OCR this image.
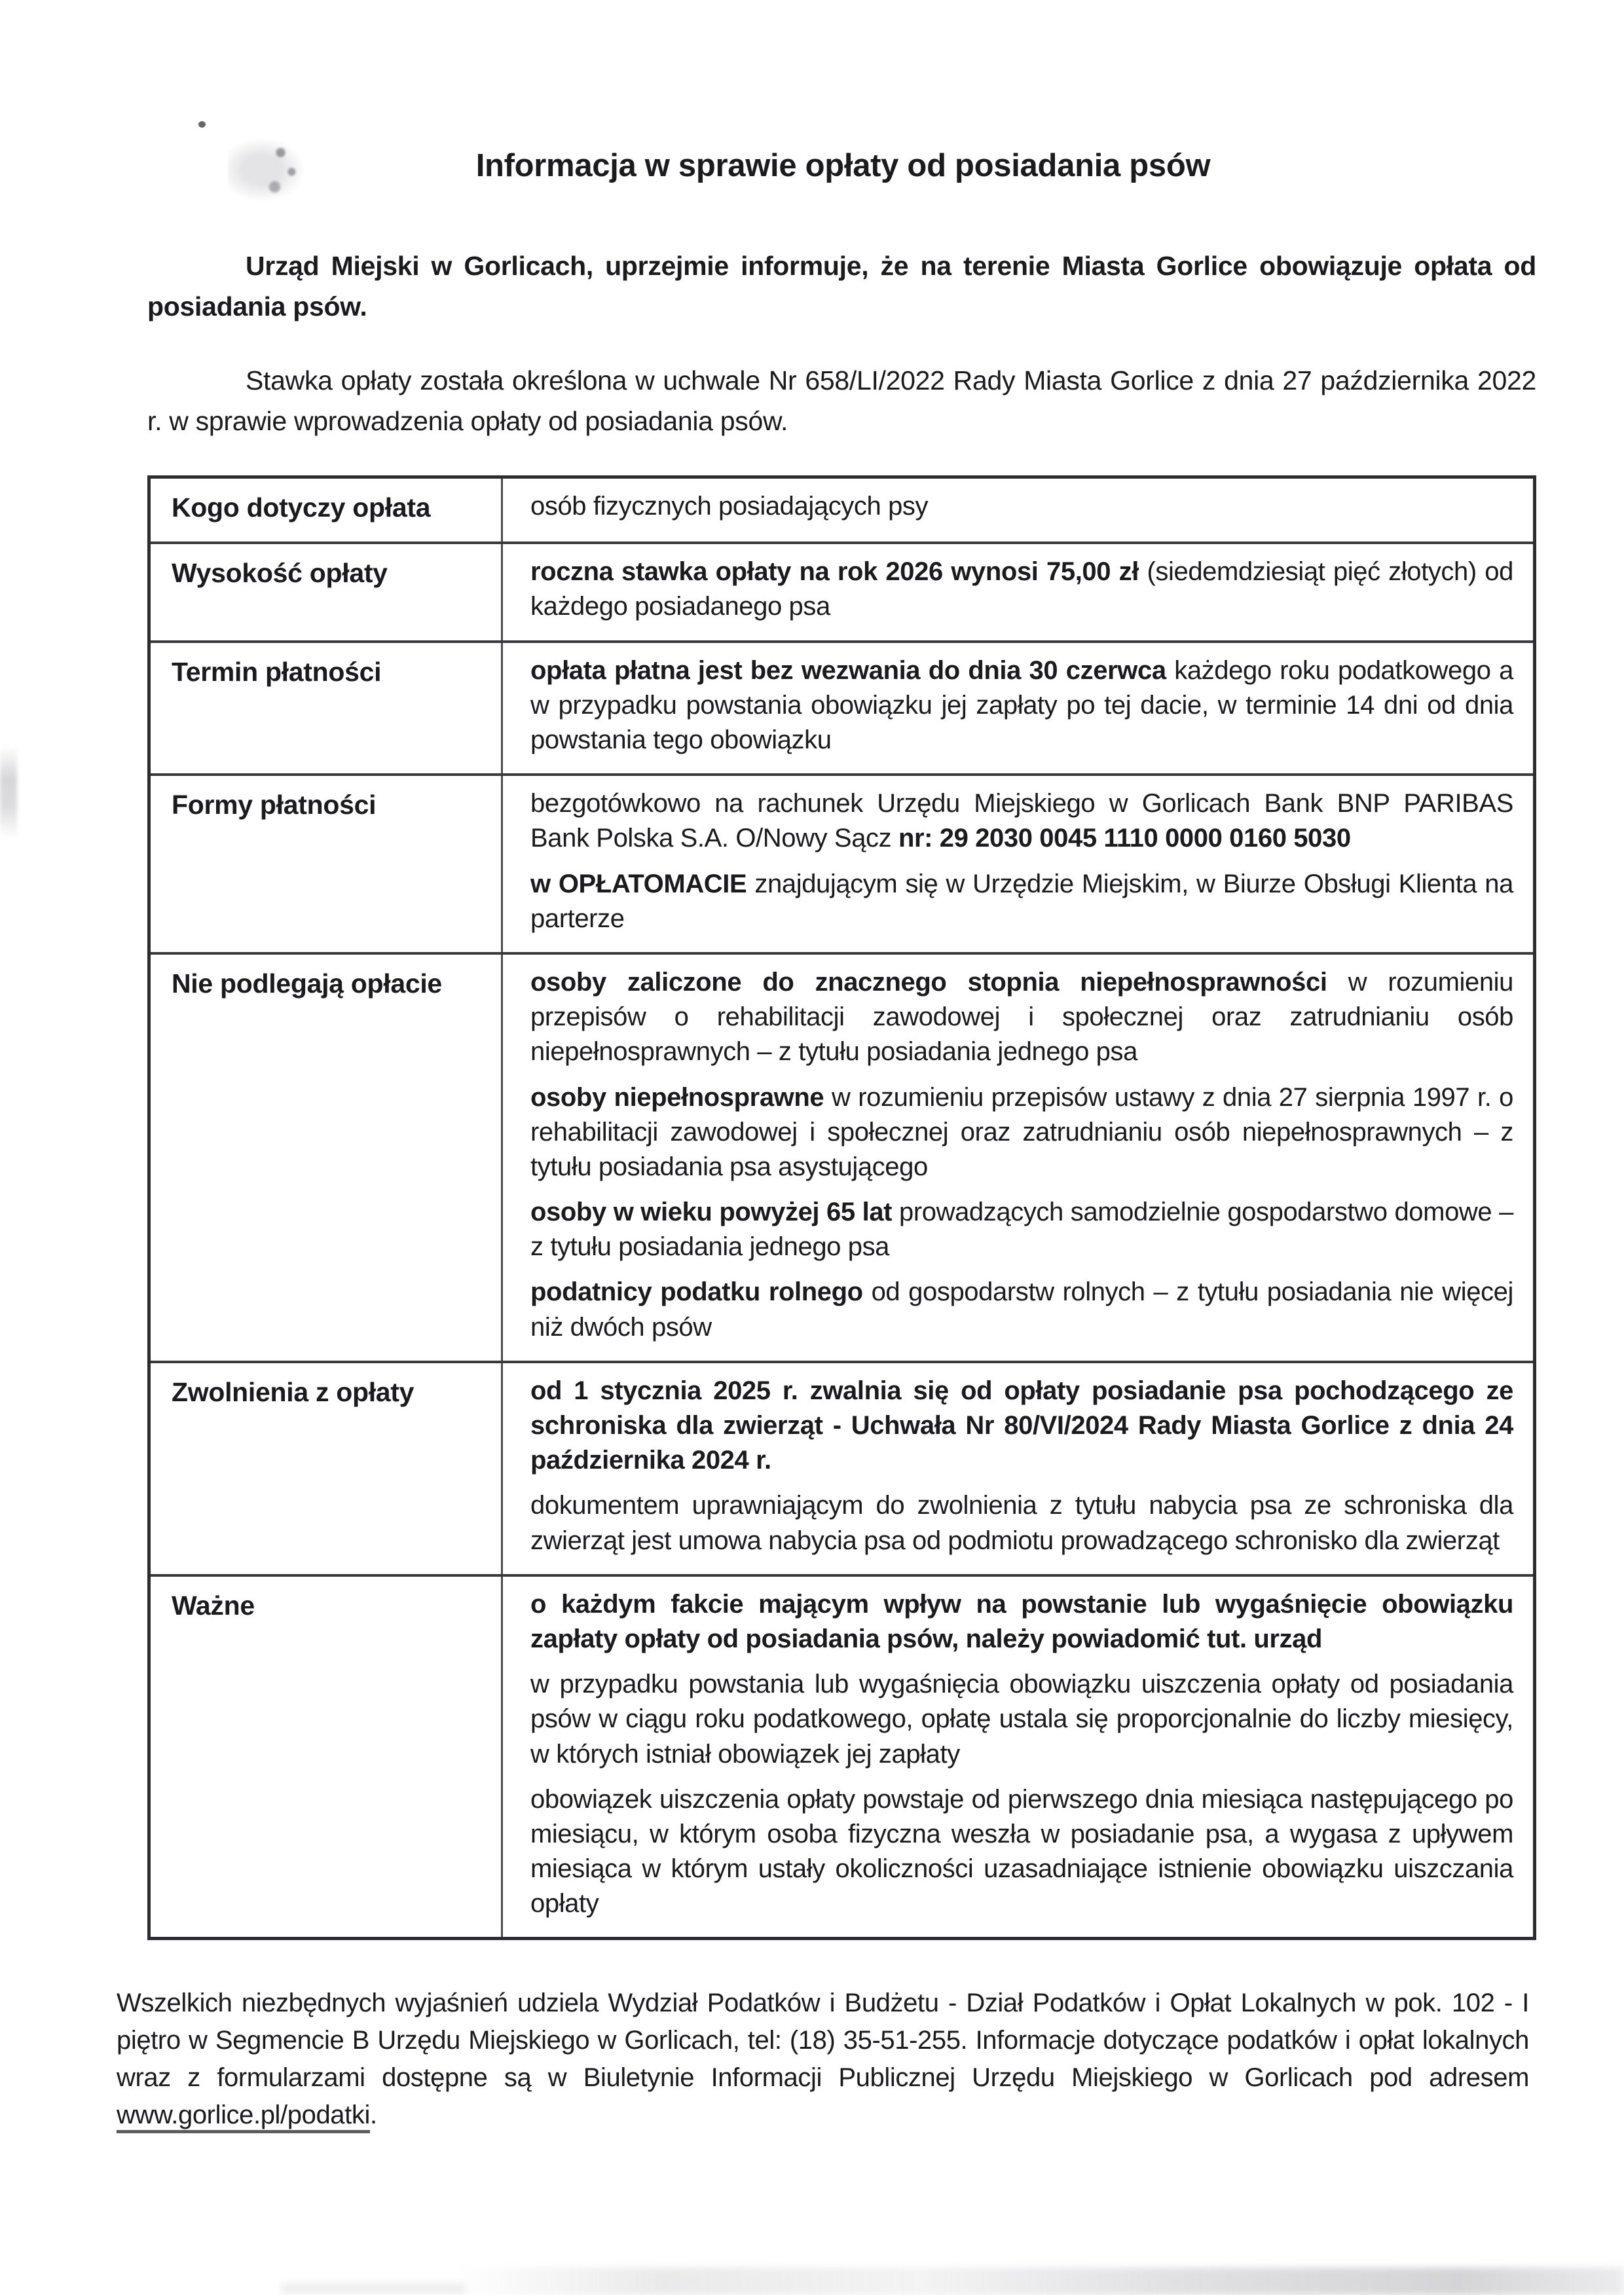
Informacja w sprawie opłaty od posiadania psów

Urząd Miejski w Gorlicach, uprzejmie informuje, że na terenie Miasta Gorlice obowiązuje opłata od posiadania psów.

Stawka opłaty została określona w uchwale Nr 658/LI/2022 Rady Miasta Gorlice z dnia 27 października 2022 r. w sprawie wprowadzenia opłaty od posiadania psów.

Kogo dotyczy opłata	osób fizycznych posiadających psy

Wysokość opłaty	roczna stawka opłaty na rok 2026 wynosi 75,00 zł (siedemdziesiąt pięć złotych) od każdego posiadanego psa

Termin płatności	opłata płatna jest bez wezwania do dnia 30 czerwca każdego roku podatkowego a w przypadku powstania obowiązku jej zapłaty po tej dacie, w terminie 14 dni od dnia powstania tego obowiązku

Formy płatności	bezgotówkowo na rachunek Urzędu Miejskiego w Gorlicach Bank BNP PARIBAS Bank Polska S.A. O/Nowy Sącz nr: 29 2030 0045 1110 0000 0160 5030

w OPŁATOMACIE znajdującym się w Urzędzie Miejskim, w Biurze Obsługi Klienta na parterze

Nie podlegają opłacie	osoby zaliczone do znacznego stopnia niepełnosprawności w rozumieniu przepisów o rehabilitacji zawodowej i społecznej oraz zatrudnianiu osób niepełnosprawnych – z tytułu posiadania jednego psa

osoby niepełnosprawne w rozumieniu przepisów ustawy z dnia 27 sierpnia 1997 r. o rehabilitacji zawodowej i społecznej oraz zatrudnianiu osób niepełnosprawnych – z tytułu posiadania psa asystującego

osoby w wieku powyżej 65 lat prowadzących samodzielnie gospodarstwo domowe – z tytułu posiadania jednego psa

podatnicy podatku rolnego od gospodarstw rolnych – z tytułu posiadania nie więcej niż dwóch psów

Zwolnienia z opłaty	od 1 stycznia 2025 r. zwalnia się od opłaty posiadanie psa pochodzącego ze schroniska dla zwierząt - Uchwała Nr 80/VI/2024 Rady Miasta Gorlice z dnia 24 października 2024 r.

dokumentem uprawniającym do zwolnienia z tytułu nabycia psa ze schroniska dla zwierząt jest umowa nabycia psa od podmiotu prowadzącego schronisko dla zwierząt

Ważne	o każdym fakcie mającym wpływ na powstanie lub wygaśnięcie obowiązku zapłaty opłaty od posiadania psów, należy powiadomić tut. urząd

w przypadku powstania lub wygaśnięcia obowiązku uiszczenia opłaty od posiadania psów w ciągu roku podatkowego, opłatę ustala się proporcjonalnie do liczby miesięcy, w których istniał obowiązek jej zapłaty

obowiązek uiszczenia opłaty powstaje od pierwszego dnia miesiąca następującego po miesiącu, w którym osoba fizyczna weszła w posiadanie psa, a wygasa z upływem miesiąca w którym ustały okoliczności uzasadniające istnienie obowiązku uiszczania opłaty

Wszelkich niezbędnych wyjaśnień udziela Wydział Podatków i Budżetu - Dział Podatków i Opłat Lokalnych w pok. 102 - I piętro w Segmencie B Urzędu Miejskiego w Gorlicach, tel: (18) 35-51-255. Informacje dotyczące podatków i opłat lokalnych wraz z formularzami dostępne są w Biuletynie Informacji Publicznej Urzędu Miejskiego w Gorlicach pod adresem www.gorlice.pl/podatki.
